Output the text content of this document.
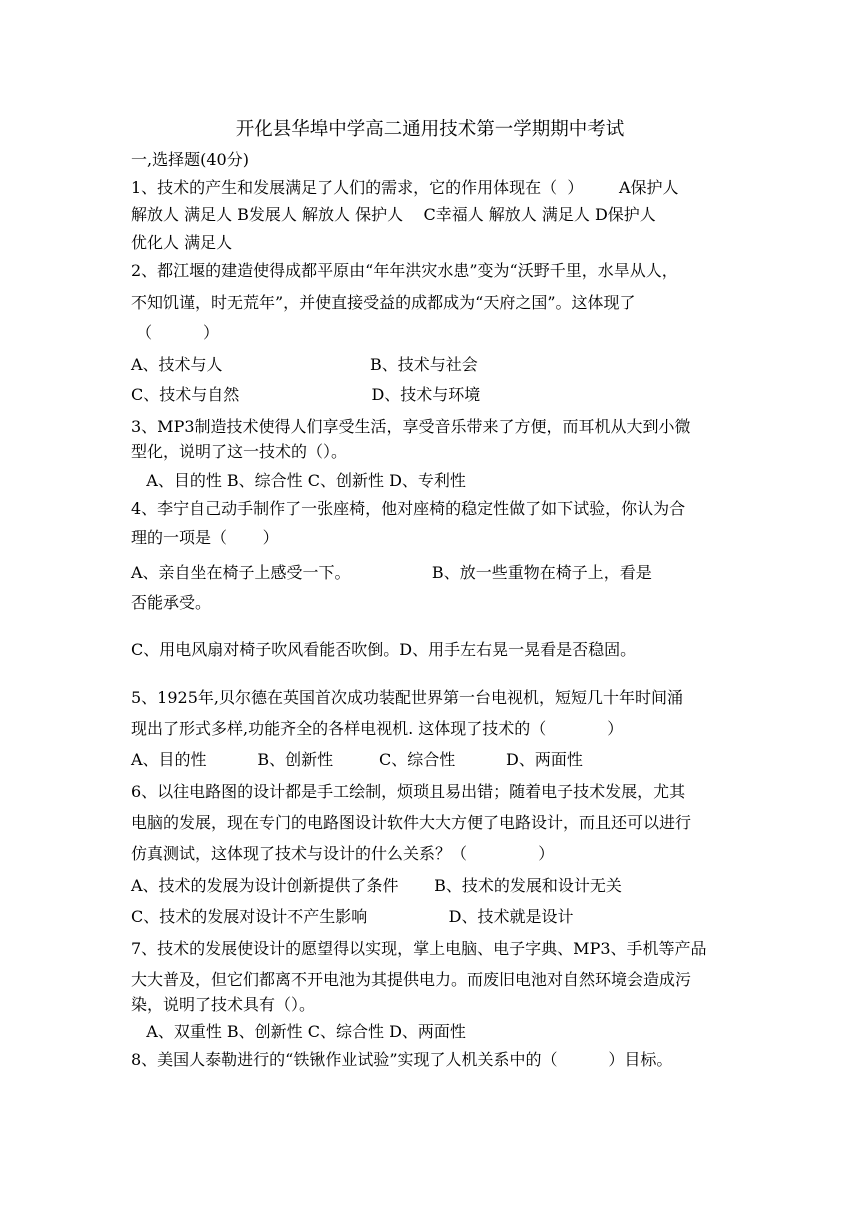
开化县华埠中学高二通用技术第一学期期中考试
一,选择题(40分)
1、技术的产生和发展满足了人们的需求，它的作用体现在（  ）       A保护人
解放人 满足人 B发展人 解放人 保护人    C幸福人 解放人 满足人 D保护人
优化人 满足人
2、都江堰的建造使得成都平原由“年年洪灾水患”变为“沃野千里，水旱从人，
不知饥谨，时无荒年”，并使直接受益的成都成为“天府之国”。这体现了
（          ）
A、技术与人                             B、技术与社会
C、技术与自然                          D、技术与环境
3、MP3制造技术使得人们享受生活，享受音乐带来了方便，而耳机从大到小微
型化，说明了这一技术的（）。
A、目的性 B、综合性 C、创新性 D、专利性
4、李宁自己动手制作了一张座椅，他对座椅的稳定性做了如下试验，你认为合
理的一项是（       ）
A、亲自坐在椅子上感受一下。                B、放一些重物在椅子上，看是
否能承受。
C、用电风扇对椅子吹风看能否吹倒。D、用手左右晃一晃看是否稳固。
5、1925年,贝尔德在英国首次成功装配世界第一台电视机，短短几十年时间涌
现出了形式多样,功能齐全的各样电视机. 这体现了技术的（            ）
A、目的性          B、创新性         C、综合性          D、两面性
6、以往电路图的设计都是手工绘制，烦琐且易出错；随着电子技术发展，尤其
电脑的发展，现在专门的电路图设计软件大大方便了电路设计，而且还可以进行
仿真测试，这体现了技术与设计的什么关系？（              ）
A、技术的发展为设计创新提供了条件       B、技术的发展和设计无关
C、技术的发展对设计不产生影响                D、技术就是设计
7、技术的发展使设计的愿望得以实现，掌上电脑、电子字典、MP3、手机等产品
大大普及，但它们都离不开电池为其提供电力。而废旧电池对自然环境会造成污
染，说明了技术具有（）。
A、双重性 B、创新性 C、综合性 D、两面性
8、美国人泰勒进行的“铁锹作业试验”实现了人机关系中的（          ）目标。
